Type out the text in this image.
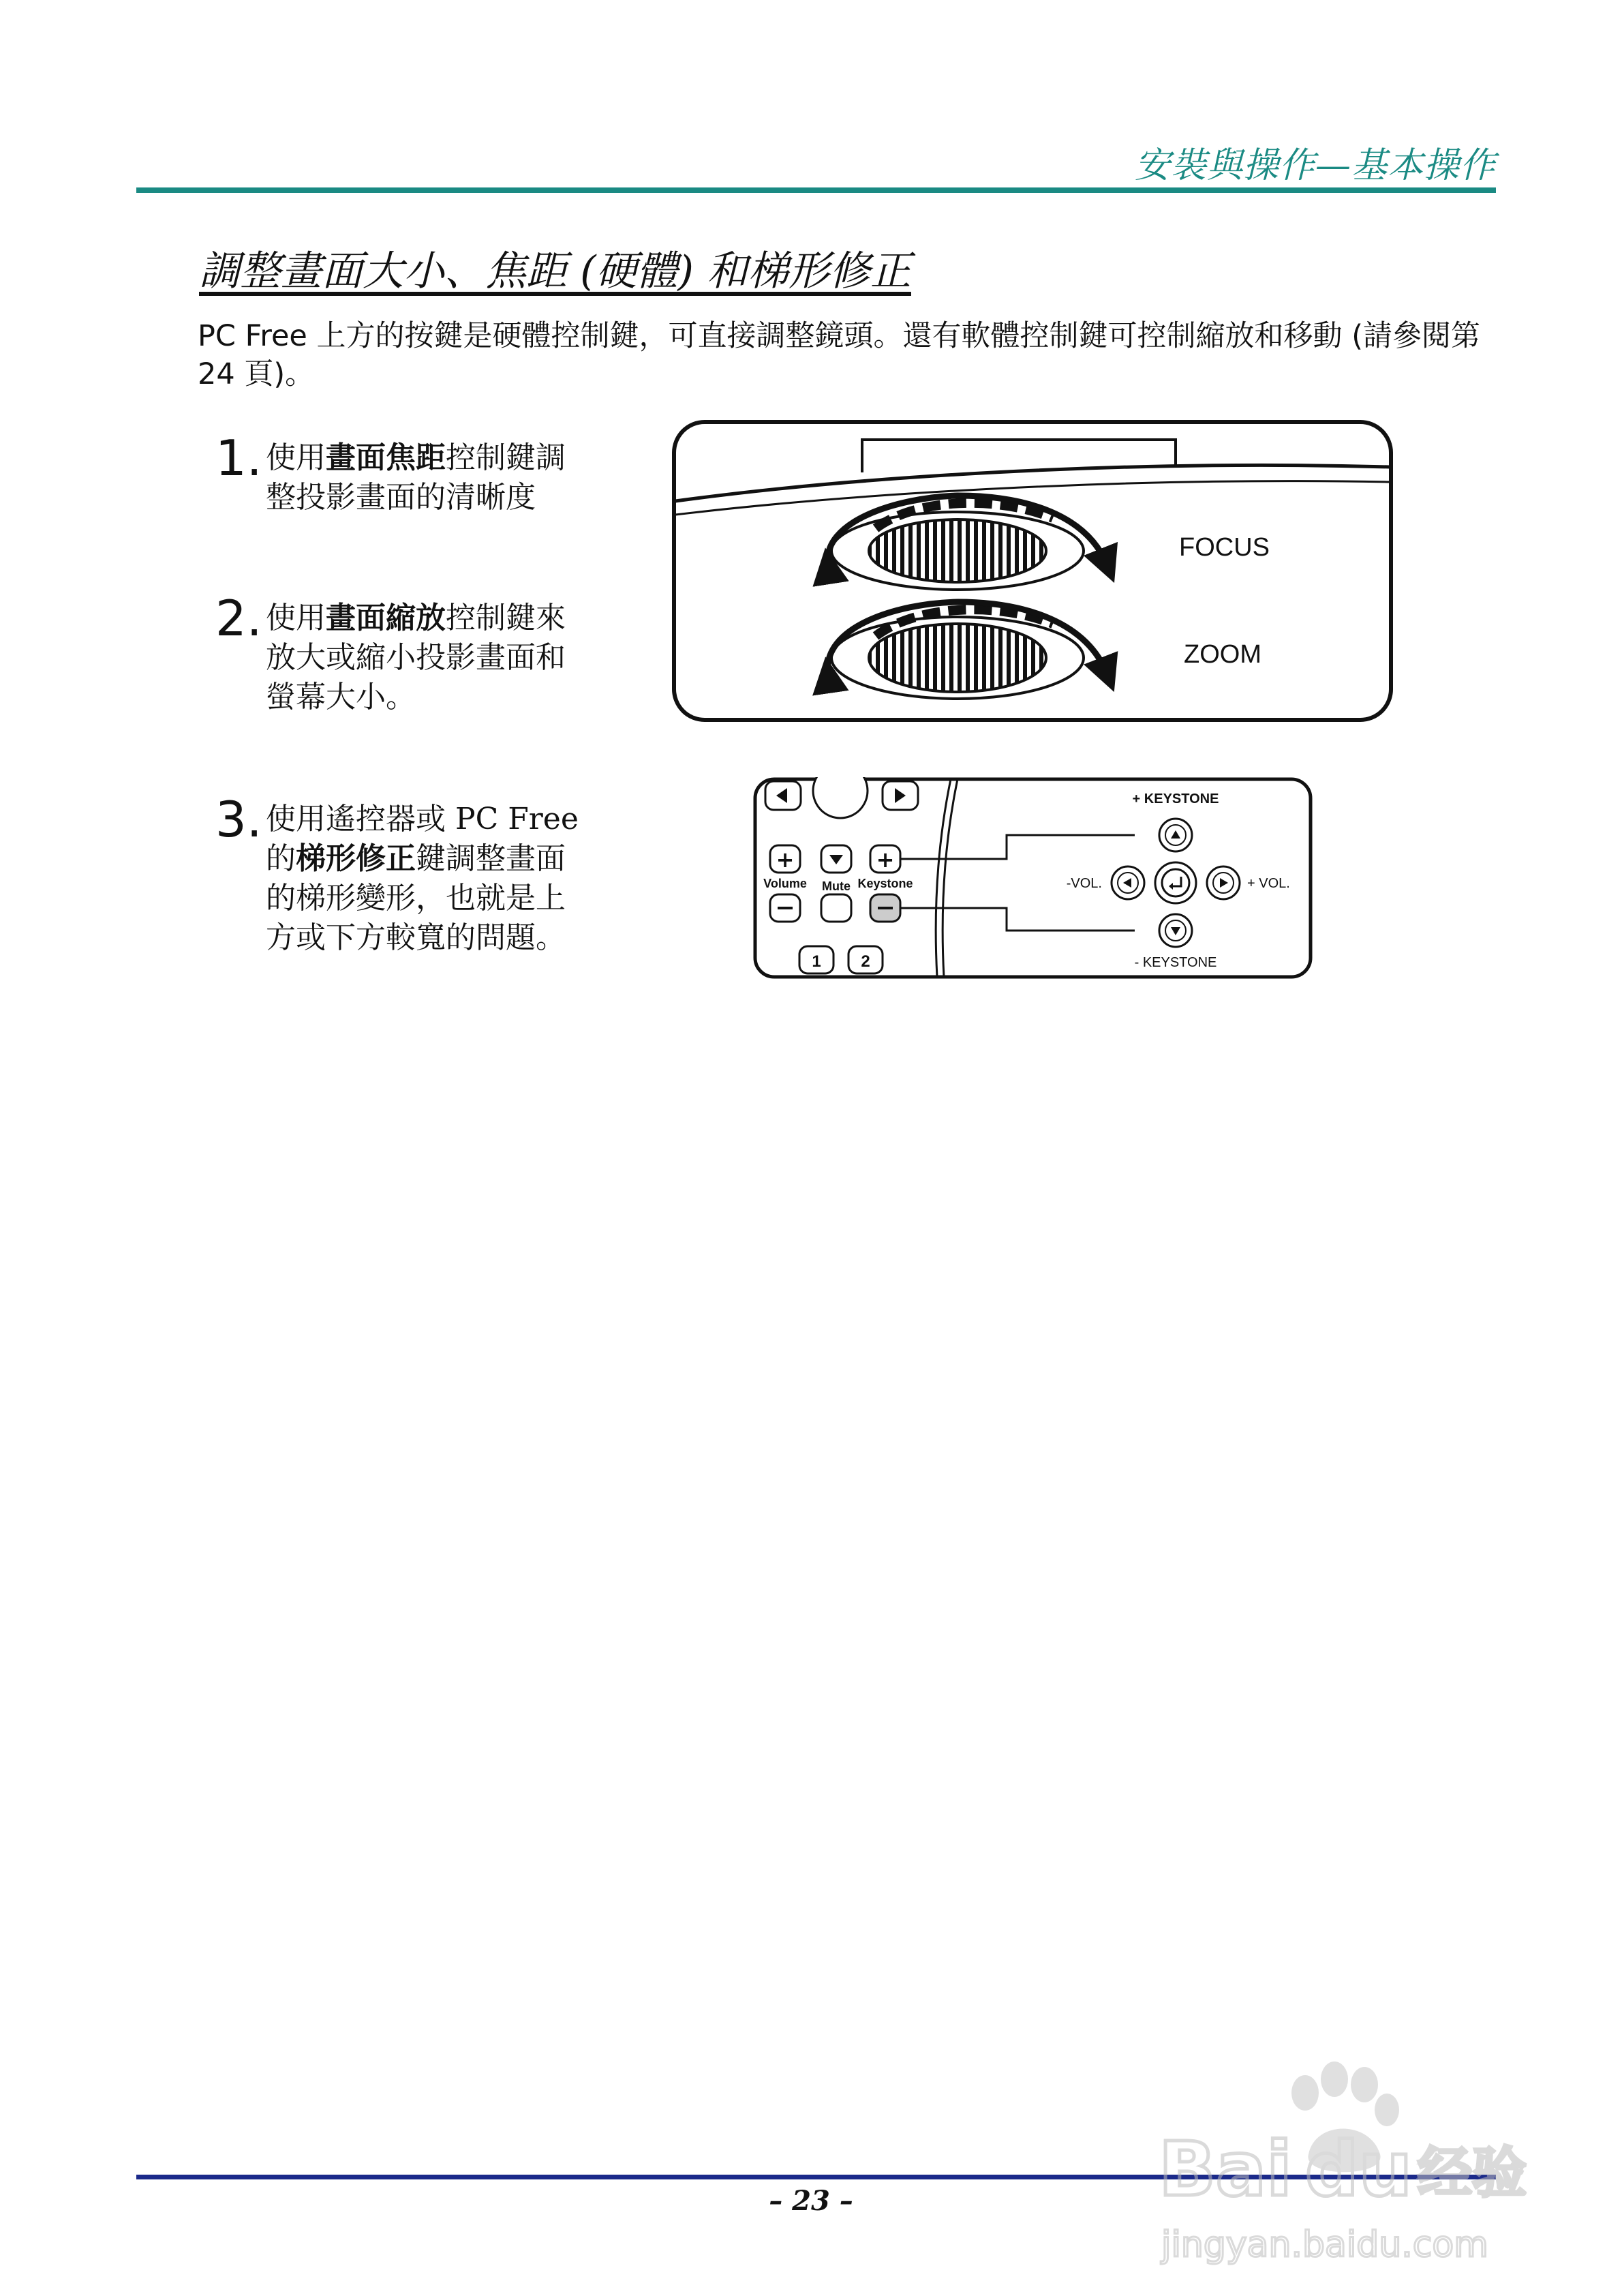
安裝與操作—基本操作
調整畫面大小、焦距 (硬體) 和梯形修正
PC Free 上方的按鍵是硬體控制鍵，可直接調整鏡頭。還有軟體控制鍵可控制縮放和移動 (請參閱第 24 頁)。
1. 使用畫面焦距控制鍵調整投影畫面的清晰度
2. 使用畫面縮放控制鍵來放大或縮小投影畫面和螢幕大小。
3. 使用遙控器或 PC Free 的梯形修正鍵調整畫面的梯形變形，也就是上方或下方較寬的問題。
FOCUS
ZOOM
+
Volume Mute
+
Keystone
1 2
+ KEYSTONE
-VOL.	+ VOL.
- KEYSTONE
– 23 –	Bai du 经验
jingyan.baidu.com
